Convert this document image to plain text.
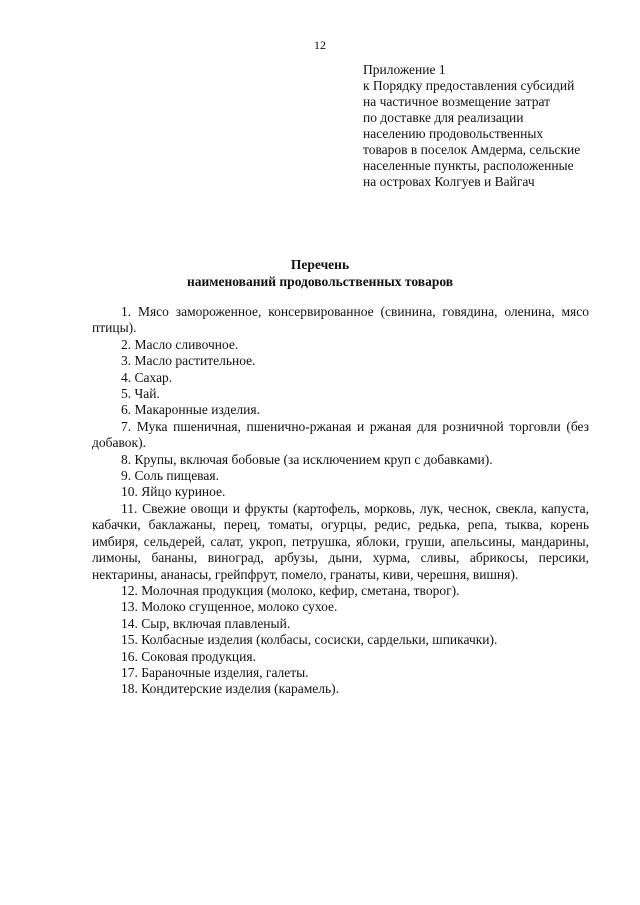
12
Приложение 1
к Порядку предоставления субсидий
на частичное возмещение затрат
по доставке для реализации
населению продовольственных
товаров в поселок Амдерма, сельские
населенные пункты, расположенные
на островах Колгуев и Вайгач
Перечень
наименований продовольственных товаров

1. Мясо замороженное, консервированное (свинина, говядина, оленина, мясо птицы).

2. Масло сливочное.

3. Масло растительное.

4. Сахар.

5. Чай.

6. Макаронные изделия.

7. Мука пшеничная, пшенично-ржаная и ржаная для розничной торговли (без добавок).

8. Крупы, включая бобовые (за исключением круп с добавками).

9. Соль пищевая.

10. Яйцо куриное.

11. Свежие овощи и фрукты (картофель, морковь, лук, чеснок, свекла, капуста, кабачки, баклажаны, перец, томаты, огурцы, редис, редька, репа, тыква, корень имбиря, сельдерей, салат, укроп, петрушка, яблоки, груши, апельсины, мандарины, лимоны, бананы, виноград, арбузы, дыни, хурма, сливы, абрикосы, персики, нектарины, ананасы, грейпфрут, помело, гранаты, киви, черешня, вишня).

12. Молочная продукция (молоко, кефир, сметана, творог).

13. Молоко сгущенное, молоко сухое.

14. Сыр, включая плавленый.

15. Колбасные изделия (колбасы, сосиски, сардельки, шпикачки).

16. Соковая продукция.

17. Бараночные изделия, галеты.

18. Кондитерские изделия (карамель).
